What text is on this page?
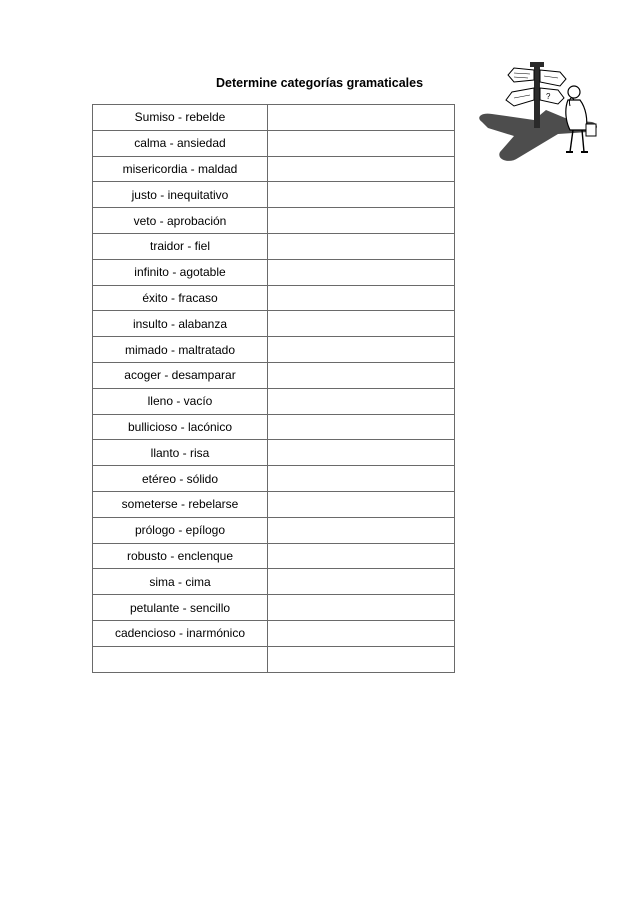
Determine categorías gramaticales
?
Sumiso - rebelde	
calma - ansiedad	
misericordia - maldad	
justo - inequitativo	
veto - aprobación	
traidor - fiel	
infinito - agotable	
éxito - fracaso	
insulto - alabanza	
mimado - maltratado	
acoger - desamparar	
lleno - vacío	
bullicioso - lacónico	
llanto - risa	
etéreo - sólido	
someterse - rebelarse	
prólogo - epílogo	
robusto - enclenque	
sima - cima	
petulante - sencillo	
cadencioso - inarmónico	
